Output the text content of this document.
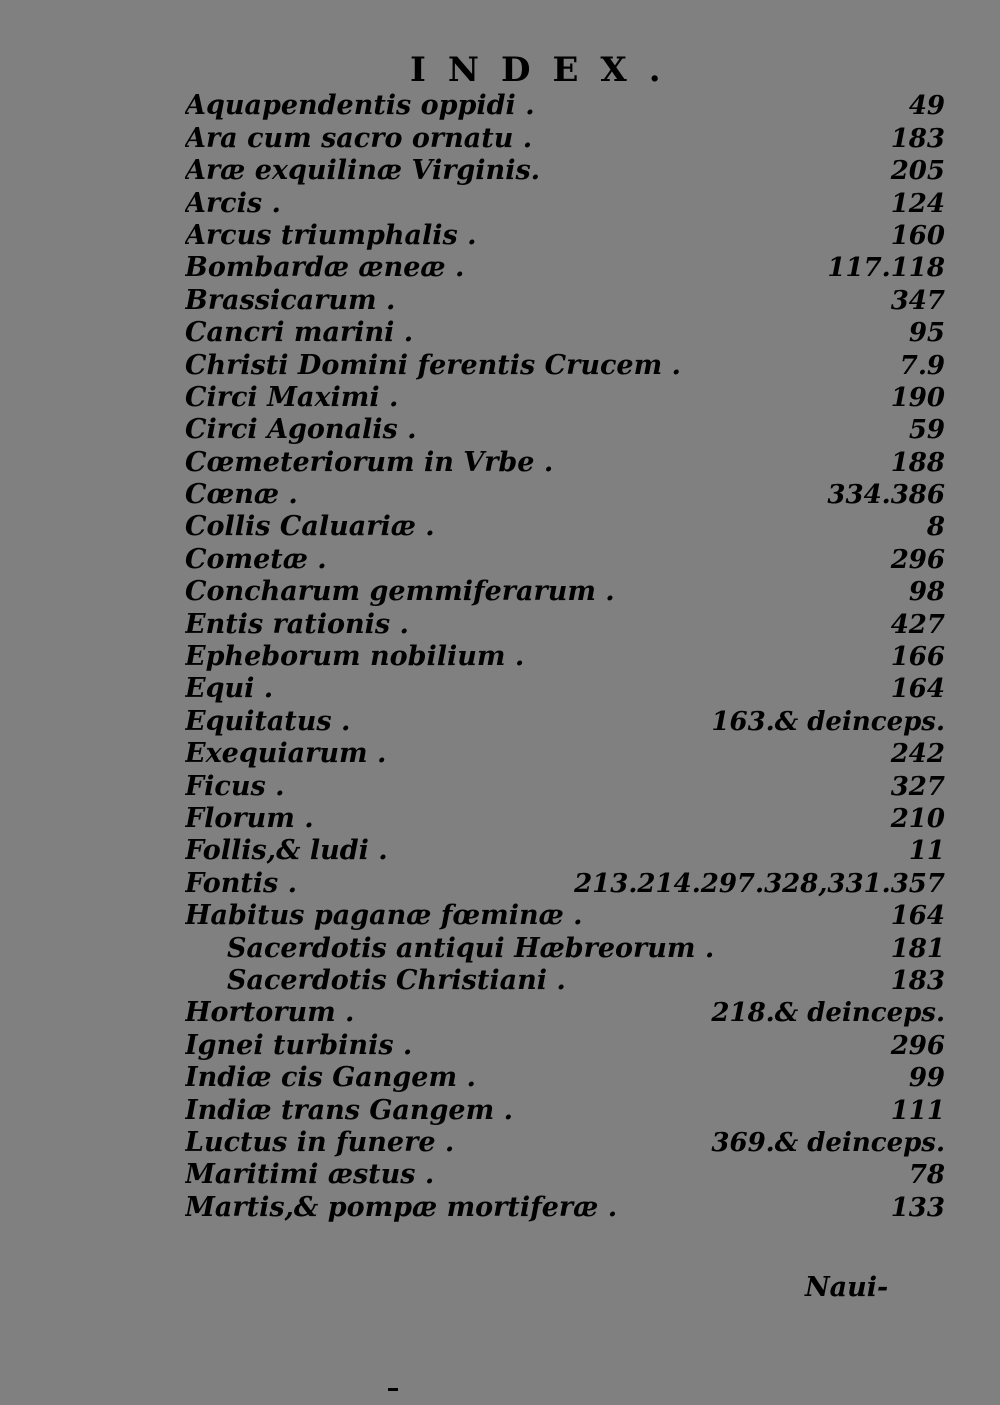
INDEX.
Aquapendentis oppidi .	49
Ara cum sacro ornatu .	183
Aræ exquilinæ Virginis.	205
Arcis .	124
Arcus triumphalis .	160
Bombardæ æneæ .	117.118
Brassicarum .	347
Cancri marini .	95
Christi Domini ferentis Crucem .	7.9
Circi Maximi .	190
Circi Agonalis .	59
Cœmeteriorum in Vrbe .	188
Cœnæ .	334.386
Collis Caluariæ .	8
Cometæ .	296
Concharum gemmiferarum .	98
Entis rationis .	427
Epheborum nobilium .	166
Equi .	164
Equitatus .	163.& deinceps.
Exequiarum .	242
Ficus .	327
Florum .	210
Follis,& ludi .	11
Fontis .	213.214.297.328,331.357
Habitus paganæ fœminæ .	164
Sacerdotis antiqui Hæbreorum .	181
Sacerdotis Christiani .	183
Hortorum .	218.& deinceps.
Ignei turbinis .	296
Indiæ cis Gangem .	99
Indiæ trans Gangem .	111
Luctus in funere .	369.& deinceps.
Maritimi æstus .	78
Martis,& pompæ mortiferæ .	133
Naui-
